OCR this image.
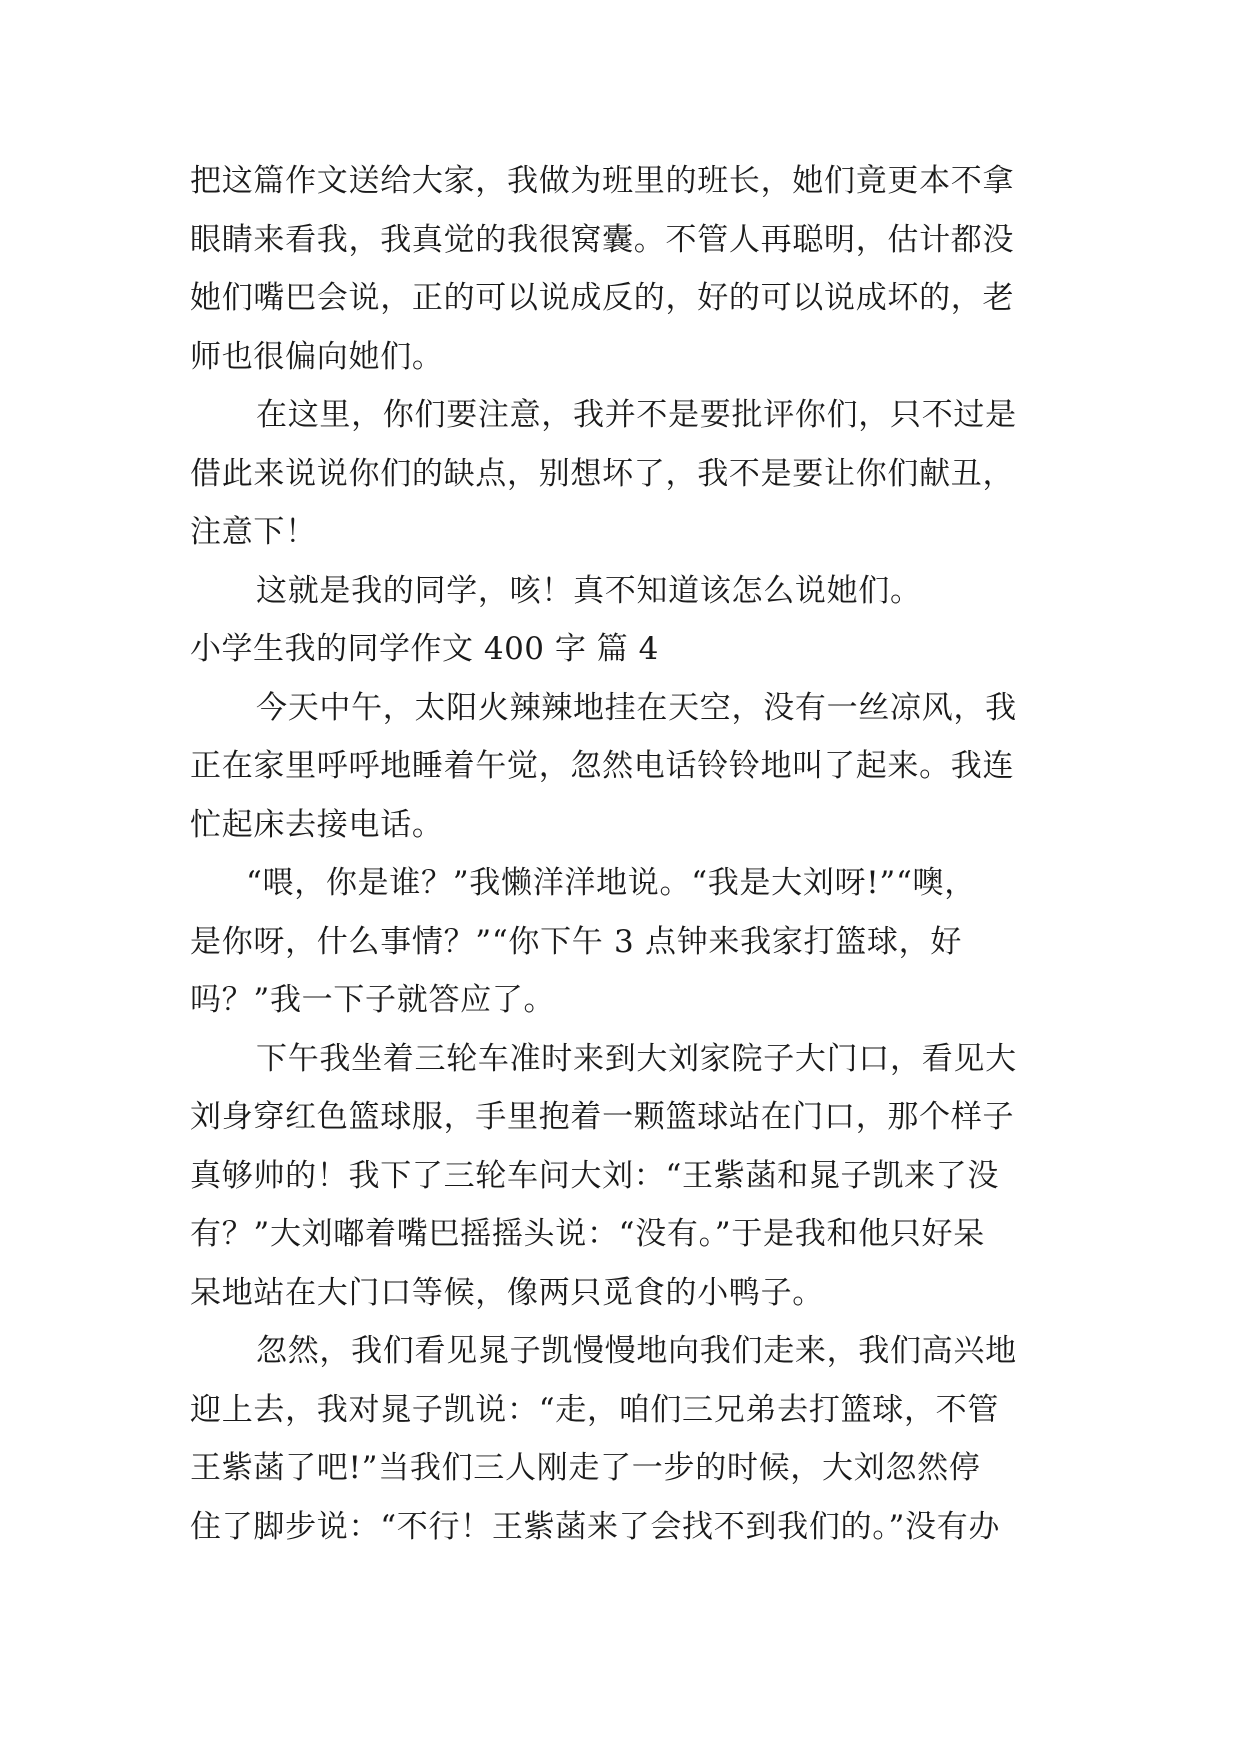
把这篇作文送给大家，我做为班里的班长，她们竟更本不拿
眼睛来看我，我真觉的我很窝囊。不管人再聪明，估计都没
她们嘴巴会说，正的可以说成反的，好的可以说成坏的，老
师也很偏向她们。
在这里，你们要注意，我并不是要批评你们，只不过是
借此来说说你们的缺点，别想坏了，我不是要让你们献丑，
注意下！
这就是我的同学，咳！真不知道该怎么说她们。
小学生我的同学作文 400 字 篇 4
今天中午，太阳火辣辣地挂在天空，没有一丝凉风，我
正在家里呼呼地睡着午觉，忽然电话铃铃地叫了起来。我连
忙起床去接电话。
“喂，你是谁？”我懒洋洋地说。“我是大刘呀!”“噢，
是你呀，什么事情？”“你下午 3 点钟来我家打篮球，好
吗？”我一下子就答应了。
下午我坐着三轮车准时来到大刘家院子大门口，看见大
刘身穿红色篮球服，手里抱着一颗篮球站在门口，那个样子
真够帅的！我下了三轮车问大刘：“王紫菡和晁子凯来了没
有？”大刘嘟着嘴巴摇摇头说：“没有。”于是我和他只好呆
呆地站在大门口等候，像两只觅食的小鸭子。
忽然，我们看见晁子凯慢慢地向我们走来，我们高兴地
迎上去，我对晁子凯说：“走，咱们三兄弟去打篮球，不管
王紫菡了吧!”当我们三人刚走了一步的时候，大刘忽然停
住了脚步说：“不行！王紫菡来了会找不到我们的。”没有办
